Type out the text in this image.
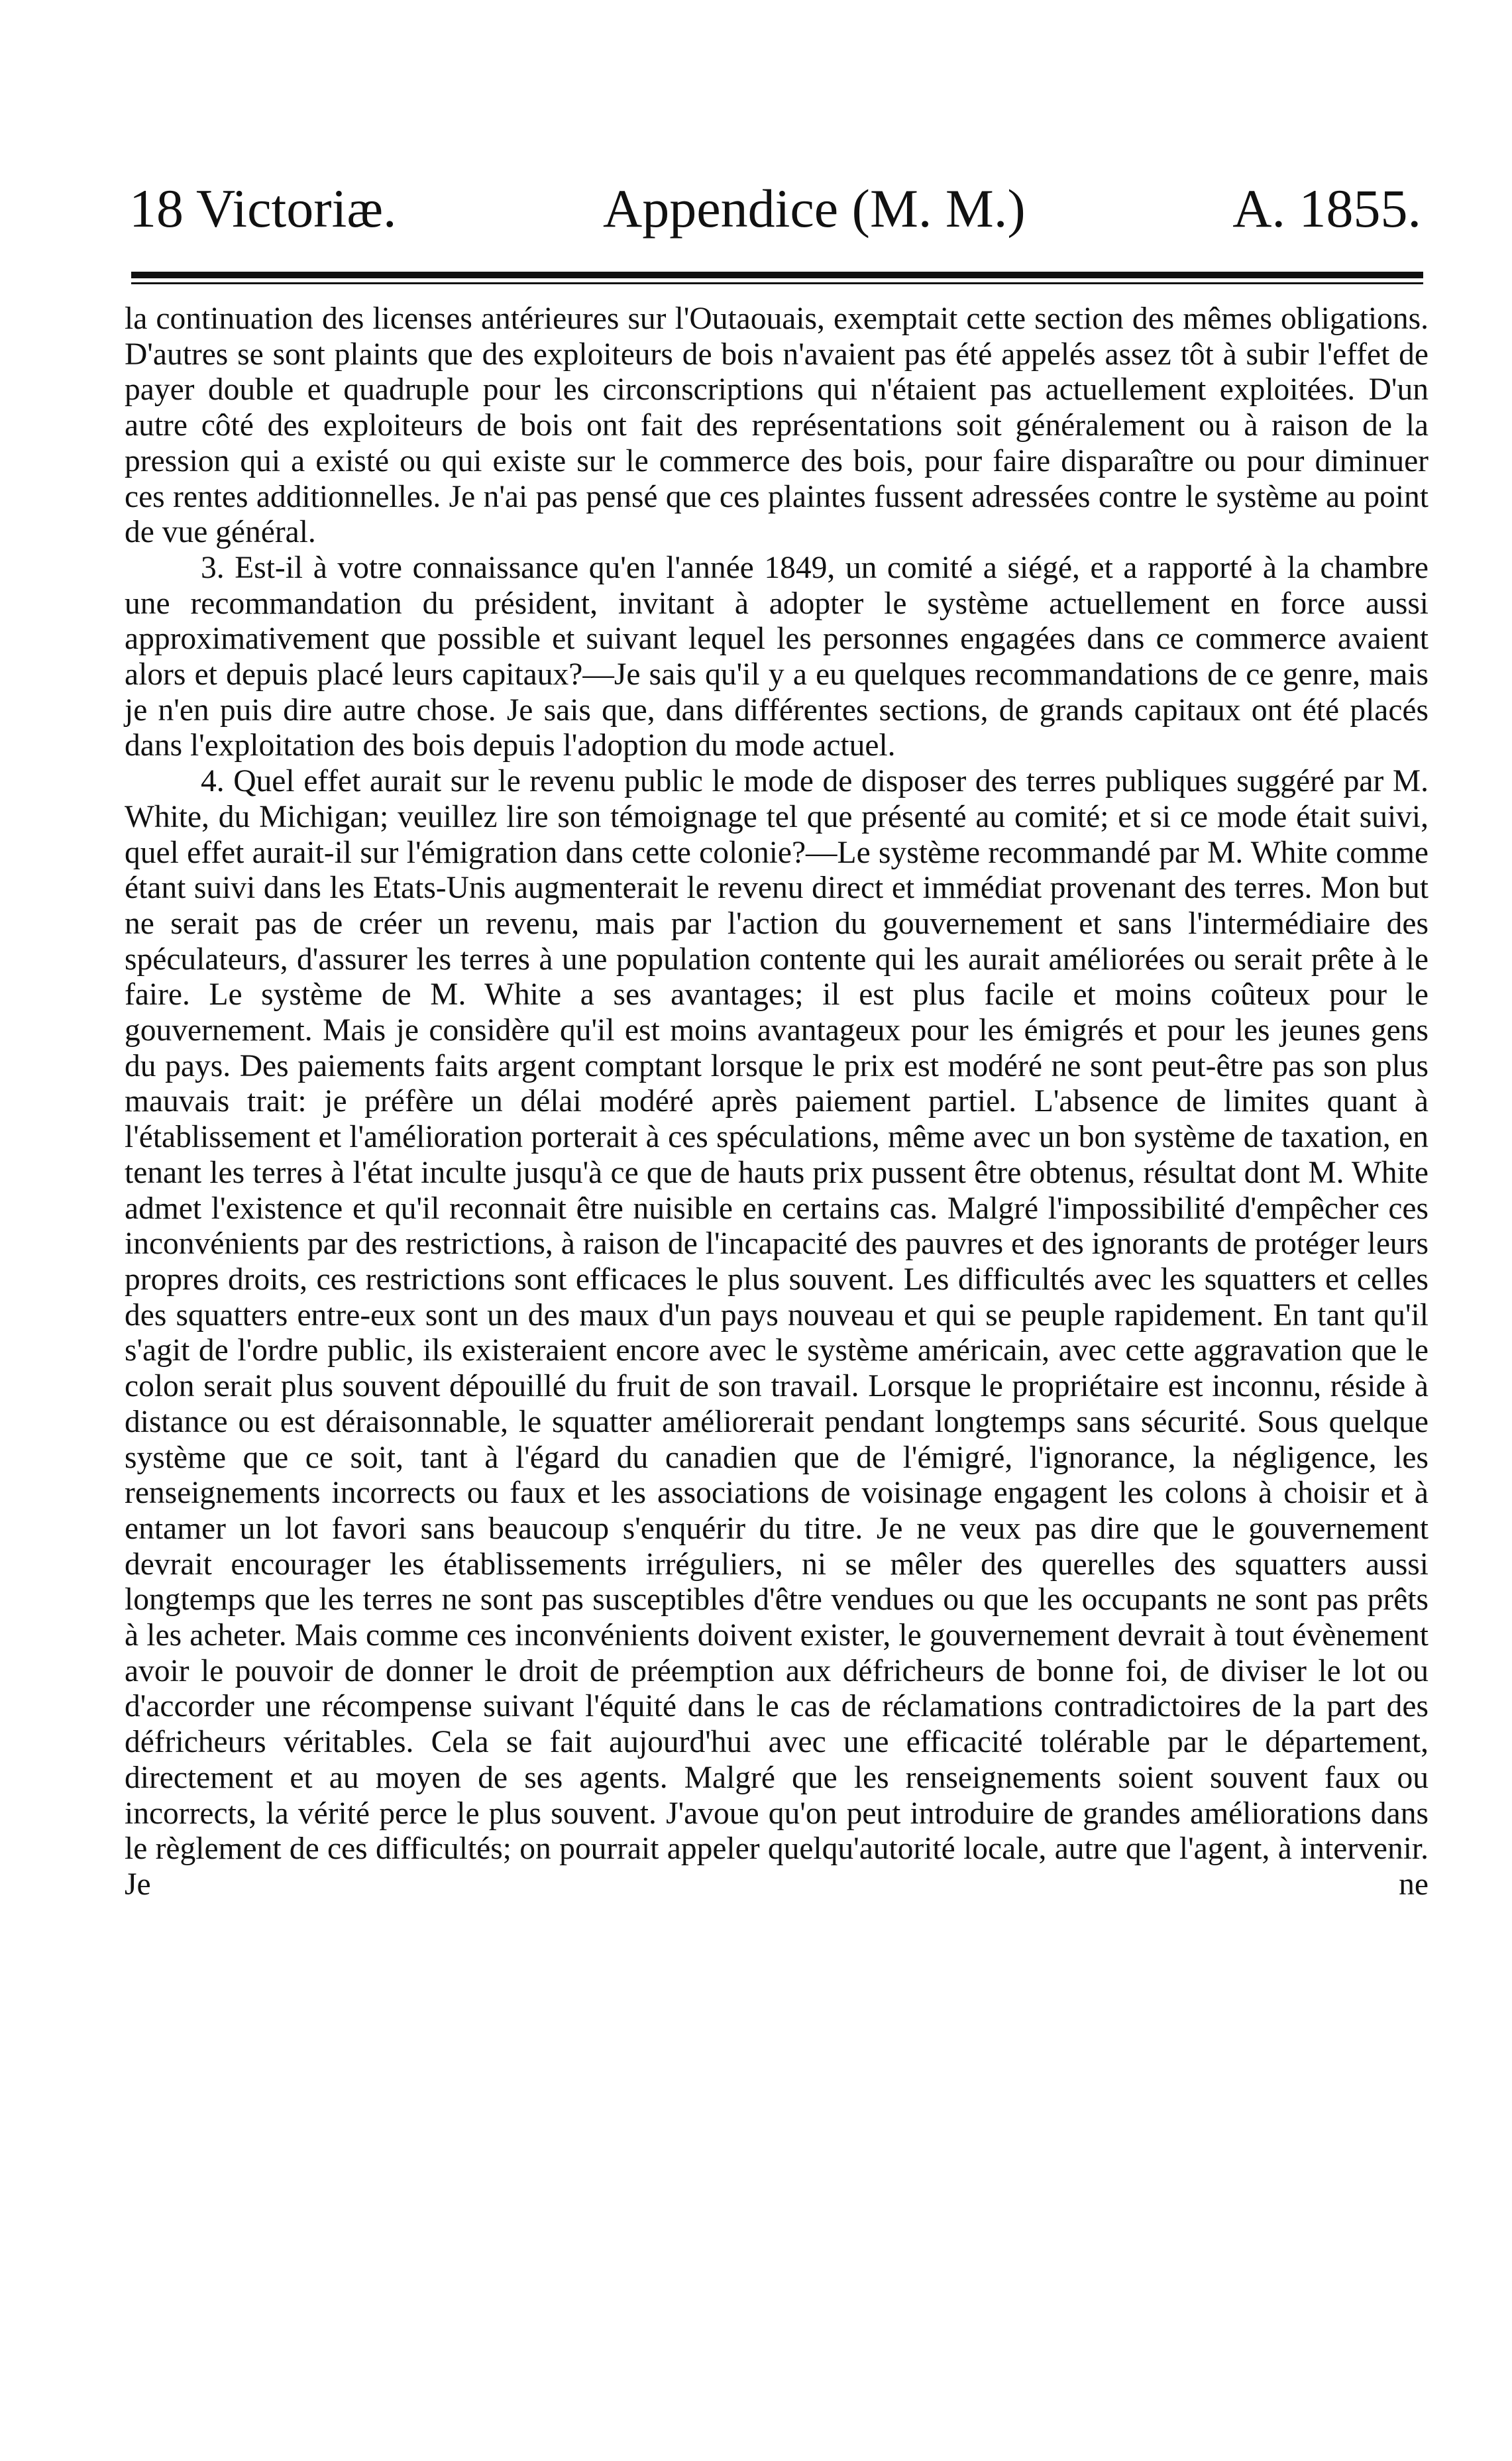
18 Victoriæ.	Appendice (M. M.)	A. 1855.

la continuation des licenses antérieures sur l'Outaouais, exemptait cette section des mêmes obligations. D'autres se sont plaints que des exploiteurs de bois n'avaient pas été appelés assez tôt à subir l'effet de payer double et quadruple pour les circonscriptions qui n'étaient pas actuellement exploitées. D'un autre côté des exploiteurs de bois ont fait des représentations soit généralement ou à raison de la pression qui a existé ou qui existe sur le commerce des bois, pour faire disparaître ou pour diminuer ces rentes additionnelles. Je n'ai pas pensé que ces plaintes fussent adressées contre le système au point de vue général.

3. Est-il à votre connaissance qu'en l'année 1849, un comité a siégé, et a rapporté à la chambre une recommandation du président, invitant à adopter le système actuellement en force aussi approximativement que possible et suivant lequel les personnes engagées dans ce commerce avaient alors et depuis placé leurs capitaux?—Je sais qu'il y a eu quelques recommandations de ce genre, mais je n'en puis dire autre chose. Je sais que, dans différentes sections, de grands capitaux ont été placés dans l'exploitation des bois depuis l'adoption du mode actuel.

4. Quel effet aurait sur le revenu public le mode de disposer des terres publiques suggéré par M. White, du Michigan; veuillez lire son témoignage tel que présenté au comité; et si ce mode était suivi, quel effet aurait-il sur l'émigration dans cette colonie?—Le système recommandé par M. White comme étant suivi dans les Etats-Unis augmenterait le revenu direct et immédiat provenant des terres. Mon but ne serait pas de créer un revenu, mais par l'action du gouvernement et sans l'intermédiaire des spéculateurs, d'assurer les terres à une population contente qui les aurait améliorées ou serait prête à le faire. Le système de M. White a ses avantages; il est plus facile et moins coûteux pour le gouvernement. Mais je considère qu'il est moins avantageux pour les émigrés et pour les jeunes gens du pays. Des paiements faits argent comptant lorsque le prix est modéré ne sont peut-être pas son plus mauvais trait: je préfère un délai modéré après paiement partiel. L'absence de limites quant à l'établissement et l'amélioration porterait à ces spéculations, même avec un bon système de taxation, en tenant les terres à l'état inculte jusqu'à ce que de hauts prix pussent être obtenus, résultat dont M. White admet l'existence et qu'il reconnait être nuisible en certains cas. Malgré l'impossibilité d'empêcher ces inconvénients par des restrictions, à raison de l'incapacité des pauvres et des ignorants de protéger leurs propres droits, ces restrictions sont efficaces le plus souvent. Les difficultés avec les squatters et celles des squatters entre-eux sont un des maux d'un pays nouveau et qui se peuple rapidement. En tant qu'il s'agit de l'ordre public, ils existeraient encore avec le système américain, avec cette aggravation que le colon serait plus souvent dépouillé du fruit de son travail. Lorsque le propriétaire est inconnu, réside à distance ou est déraisonnable, le squatter améliorerait pendant longtemps sans sécurité. Sous quelque système que ce soit, tant à l'égard du canadien que de l'émigré, l'ignorance, la négligence, les renseignements incorrects ou faux et les associations de voisinage engagent les colons à choisir et à entamer un lot favori sans beaucoup s'enquérir du titre. Je ne veux pas dire que le gouvernement devrait encourager les établissements irréguliers, ni se mêler des querelles des squatters aussi longtemps que les terres ne sont pas susceptibles d'être vendues ou que les occupants ne sont pas prêts à les acheter. Mais comme ces inconvénients doivent exister, le gouvernement devrait à tout évènement avoir le pouvoir de donner le droit de préemption aux défricheurs de bonne foi, de diviser le lot ou d'accorder une récompense suivant l'équité dans le cas de réclamations contradictoires de la part des défricheurs véritables. Cela se fait aujourd'hui avec une efficacité tolérable par le département, directement et au moyen de ses agents. Malgré que les renseignements soient souvent faux ou incorrects, la vérité perce le plus souvent. J'avoue qu'on peut introduire de grandes améliorations dans le règlement de ces difficultés; on pourrait appeler quelqu'autorité locale, autre que l'agent, à intervenir. Je ne
